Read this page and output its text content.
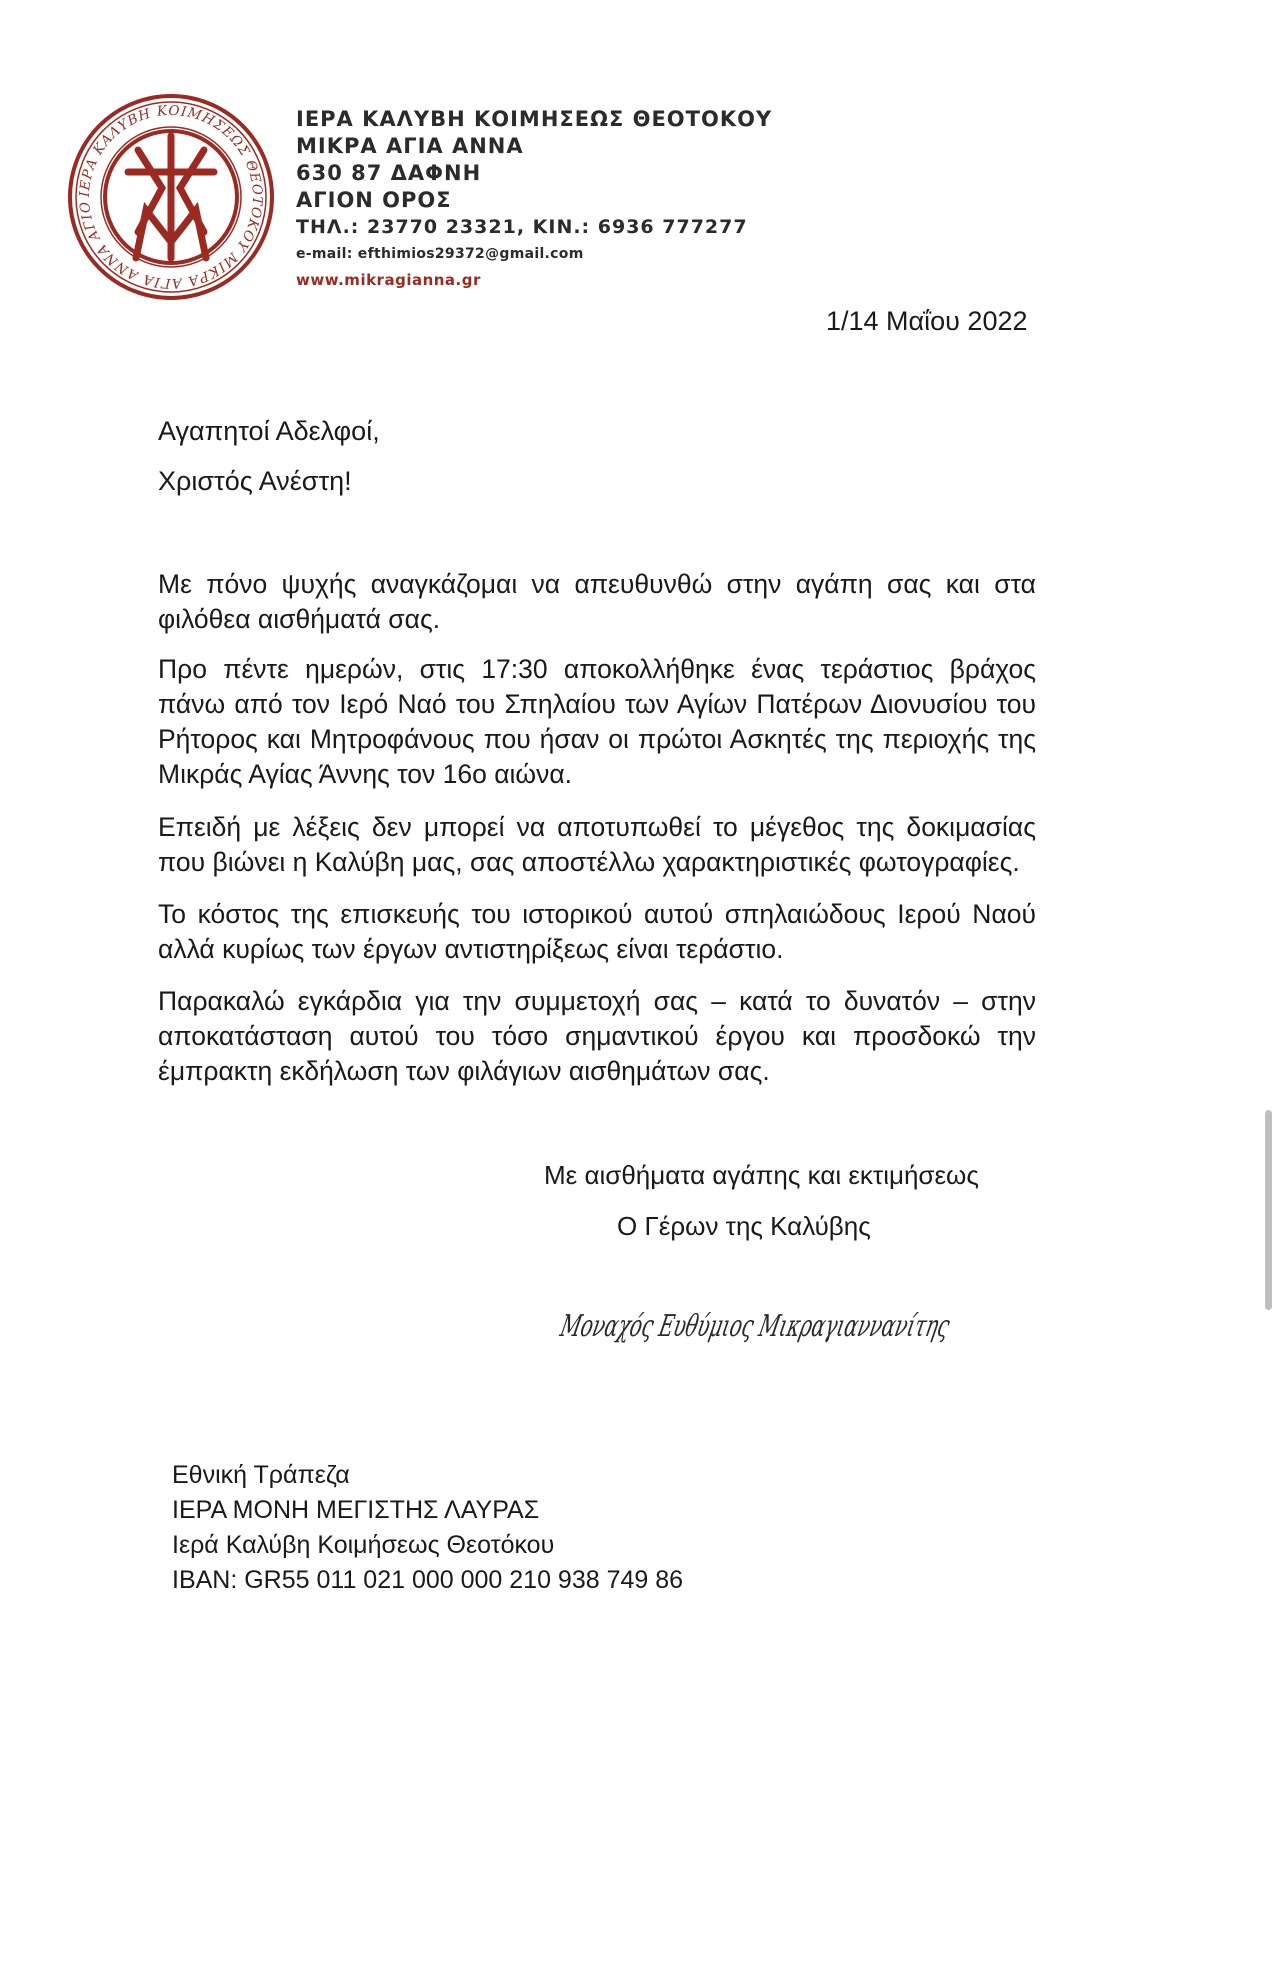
ΙΕΡΑ ΚΑΛΥΒΗ ΚΟΙΜΗΣΕΩΣ ΘΕΟΤΟΚΟΥ ΜΙΚΡΑ ΑΓΙΑ ΑΝΝΑ ΑΓΙΟ
ΙΕΡΑ ΚΑΛΥΒΗ ΚΟΙΜΗΣΕΩΣ ΘΕΟΤΟΚΟΥ
ΜΙΚΡΑ ΑΓΙΑ ΑΝΝΑ
630 87 ΔΑΦΝΗ
ΑΓΙΟΝ ΟΡΟΣ
ΤΗΛ.: 23770 23321, ΚΙΝ.: 6936 777277
e-mail: efthimios29372@gmail.com
www.mikragianna.gr
1/14 Μαΐου 2022
Αγαπητοί Αδελφοί,
Χριστός Ανέστη!

Με πόνο ψυχής αναγκάζομαι να απευθυνθώ στην αγάπη σας και στα φιλόθεα αισθήματά σας.

Προ πέντε ημερών, στις 17:30 αποκολλήθηκε ένας τεράστιος βράχος πάνω από τον Ιερό Ναό του Σπηλαίου των Αγίων Πατέρων Διονυσίου του Ρήτορος και Μητροφάνους που ήσαν οι πρώτοι Ασκητές της περιοχής της Μικράς Αγίας Άννης τον 16ο αιώνα.

Επειδή με λέξεις δεν μπορεί να αποτυπωθεί το μέγεθος της δοκιμασίας που βιώνει η Καλύβη μας, σας αποστέλλω χαρακτηριστικές φωτογραφίες.

Το κόστος της επισκευής του ιστορικού αυτού σπηλαιώδους Ιερού Ναού αλλά κυρίως των έργων αντιστηρίξεως είναι τεράστιο.

Παρακαλώ εγκάρδια για την συμμετοχή σας – κατά το δυνατόν – στην αποκατάσταση αυτού του τόσο σημαντικού έργου και προσδοκώ την έμπρακτη εκδήλωση των φιλάγιων αισθημάτων σας.

Με αισθήματα αγάπης και εκτιμήσεως
Ο Γέρων της Καλύβης
Μοναχός Ευθύμιος Μικραγιαννανίτης
Εθνική Τράπεζα
ΙΕΡΑ ΜΟΝΗ ΜΕΓΙΣΤΗΣ ΛΑΥΡΑΣ
Ιερά Καλύβη Κοιμήσεως Θεοτόκου
IBAN: GR55 011 021 000 000 210 938 749 86
